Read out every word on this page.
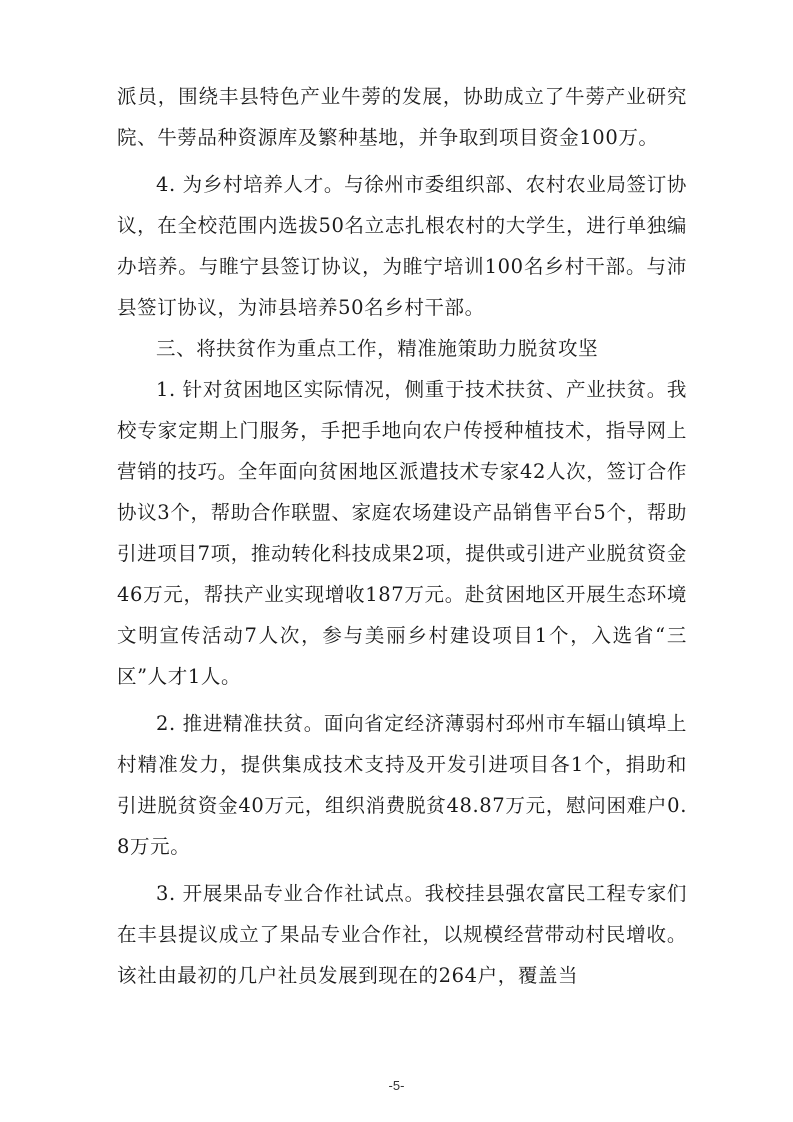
派员，围绕丰县特色产业牛蒡的发展，协助成立了牛蒡产业研究院、牛蒡品种资源库及繁种基地，并争取到项目资金100万。

4. 为乡村培养人才。与徐州市委组织部、农村农业局签订协议，在全校范围内选拔50名立志扎根农村的大学生，进行单独编办培养。与睢宁县签订协议，为睢宁培训100名乡村干部。与沛县签订协议，为沛县培养50名乡村干部。

三、将扶贫作为重点工作，精准施策助力脱贫攻坚

1. 针对贫困地区实际情况，侧重于技术扶贫、产业扶贫。我校专家定期上门服务，手把手地向农户传授种植技术，指导网上营销的技巧。全年面向贫困地区派遣技术专家42人次，签订合作协议3个，帮助合作联盟、家庭农场建设产品销售平台5个，帮助引进项目7项，推动转化科技成果2项，提供或引进产业脱贫资金46万元，帮扶产业实现增收187万元。赴贫困地区开展生态环境文明宣传活动7人次，参与美丽乡村建设项目1个，入选省“三区”人才1人。

2. 推进精准扶贫。面向省定经济薄弱村邳州市车辐山镇埠上村精准发力，提供集成技术支持及开发引进项目各1个，捐助和引进脱贫资金40万元，组织消费脱贫48.87万元，慰问困难户0.8万元。

3. 开展果品专业合作社试点。我校挂县强农富民工程专家们在丰县提议成立了果品专业合作社，以规模经营带动村民增收。该社由最初的几户社员发展到现在的264户，覆盖当

-5-
